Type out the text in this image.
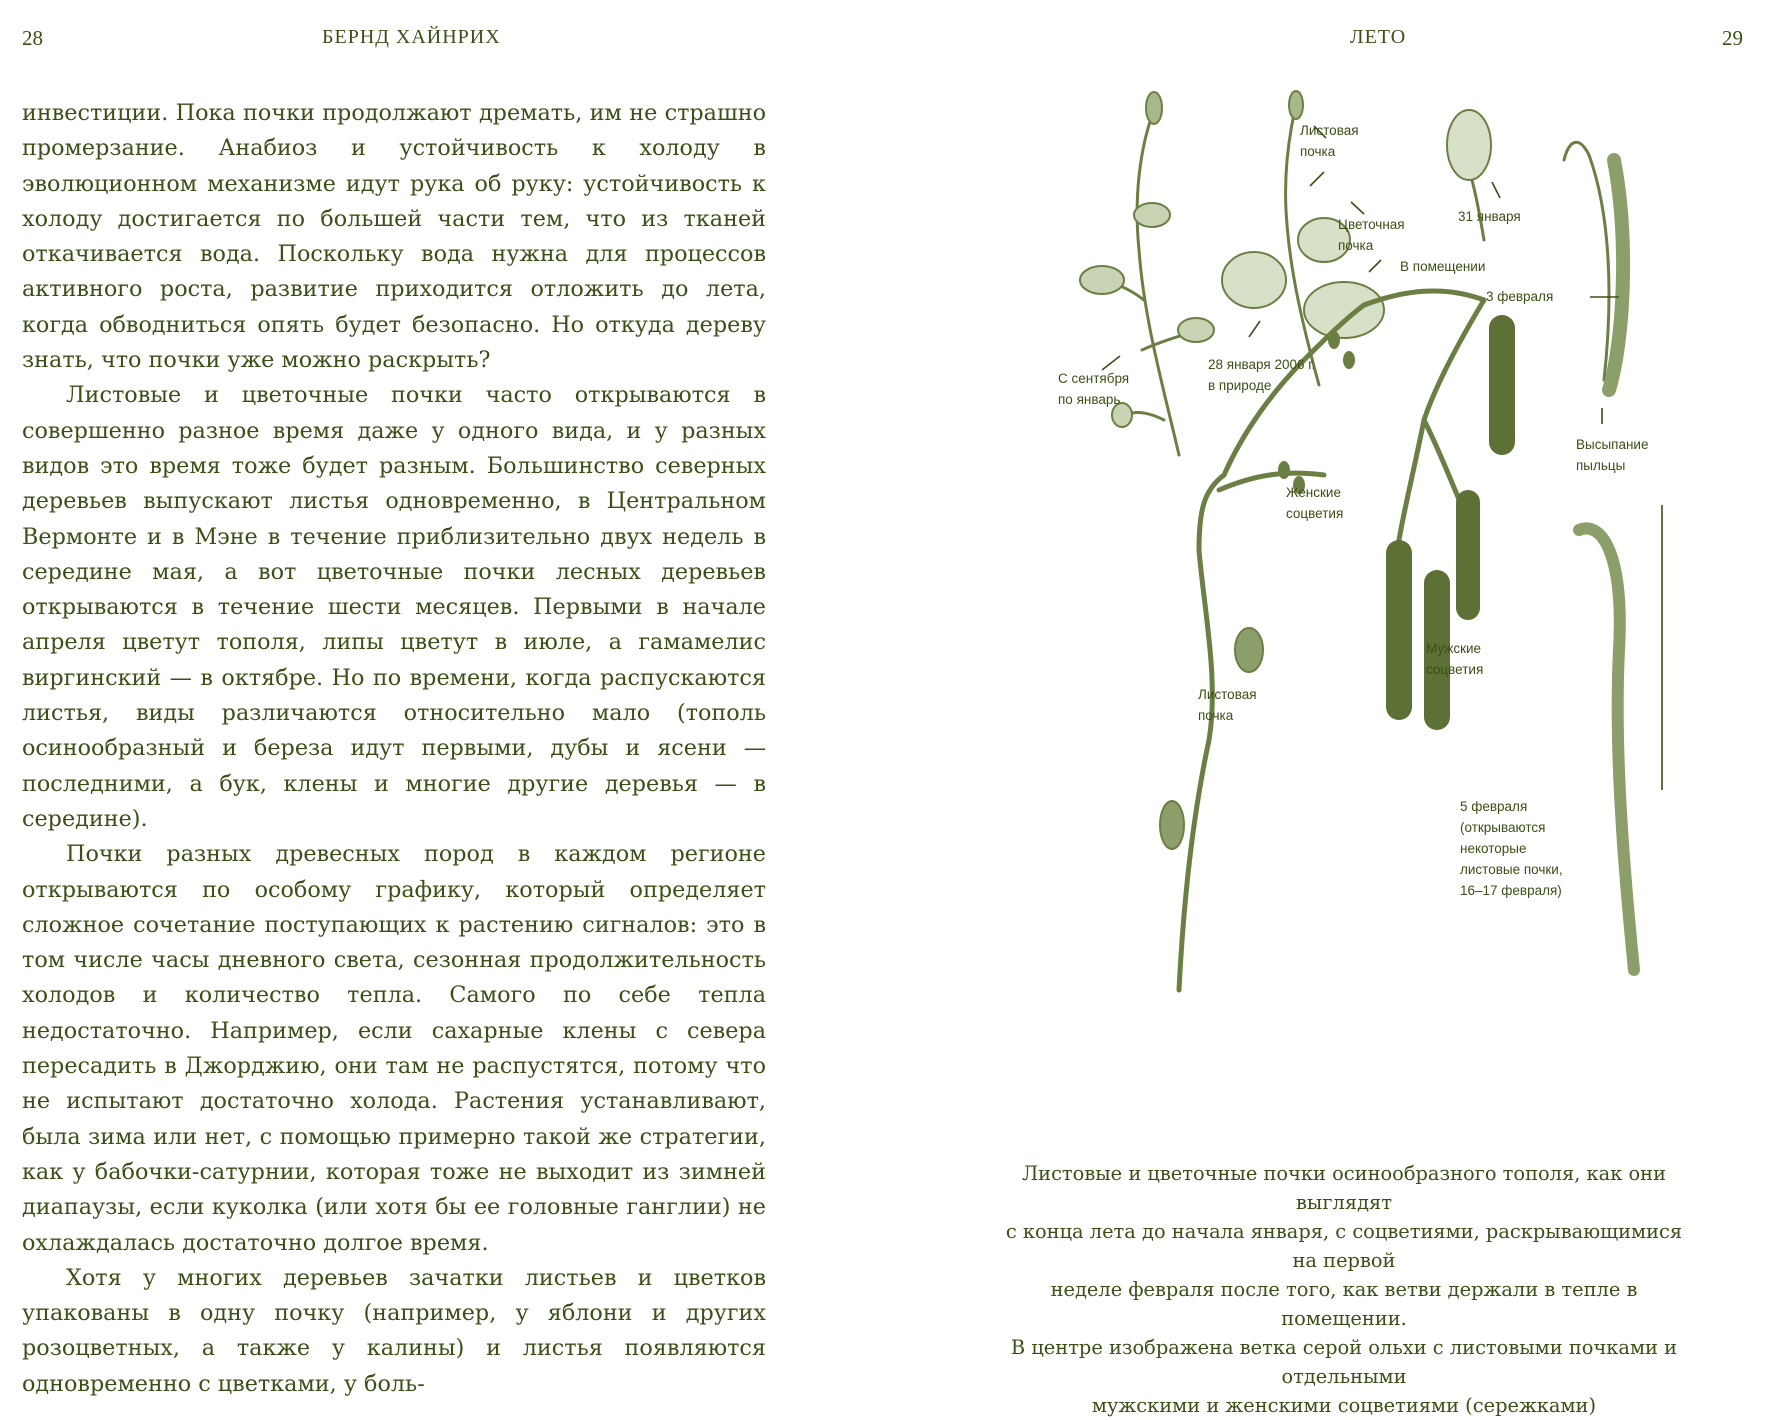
28	БЕРНД ХАЙНРИХ

инвестиции. Пока почки продолжают дремать, им не страшно промерзание. Анабиоз и устойчивость к холоду в эволюционном механизме идут рука об руку: устойчивость к холоду достигается по большей части тем, что из тканей откачивается вода. Поскольку вода нужна для процессов активного роста, развитие приходится отложить до лета, когда обводниться опять будет безопасно. Но откуда дереву знать, что почки уже можно раскрыть?

Листовые и цветочные почки часто открываются в совершенно разное время даже у одного вида, и у разных видов это время тоже будет разным. Большинство северных деревьев выпускают листья одновременно, в Центральном Вермонте и в Мэне в течение приблизительно двух недель в середине мая, а вот цветочные почки лесных деревьев открываются в течение шести месяцев. Первыми в начале апреля цветут тополя, липы цветут в июле, а гамамелис виргинский — в октябре. Но по времени, когда распускаются листья, виды различаются относительно мало (тополь осинообразный и береза идут первыми, дубы и ясени — последними, а бук, клены и многие другие деревья — в середине).

Почки разных древесных пород в каждом регионе открываются по особому графику, который определяет сложное сочетание поступающих к растению сигналов: это в том числе часы дневного света, сезонная продолжительность холодов и количество тепла. Самого по себе тепла недостаточно. Например, если сахарные клены с севера пересадить в Джорджию, они там не распустятся, потому что не испытают достаточно холода. Растения устанавливают, была зима или нет, с помощью примерно такой же стратегии, как у бабочки-сатурнии, которая тоже не выходит из зимней диапаузы, если куколка (или хотя бы ее головные ганглии) не охлаждалась достаточно долгое время.

Хотя у многих деревьев зачатки листьев и цветков упакованы в одну почку (например, у яблони и других розоцветных, а также у калины) и листья появляются одновременно с цветками, у боль-

ЛЕТО	29
Листовая
почка
Цветочная
почка
31 января
В помещении
3 февраля
С сентября
по январь
28 января 2006 г.
в природе
Высыпание
пыльцы
Женские
соцветия
Мужские
соцветия
Листовая
почка
5 февраля
(открываются
некоторые
листовые почки,
16–17 февраля)
Листовые и цветочные почки осинообразного тополя, как они выглядят
с конца лета до начала января, с соцветиями, раскрывающимися на первой
неделе февраля после того, как ветви держали в тепле в помещении.
В центре изображена ветка серой ольхи с листовыми почками и отдельными
мужскими и женскими соцветиями (сережками)
